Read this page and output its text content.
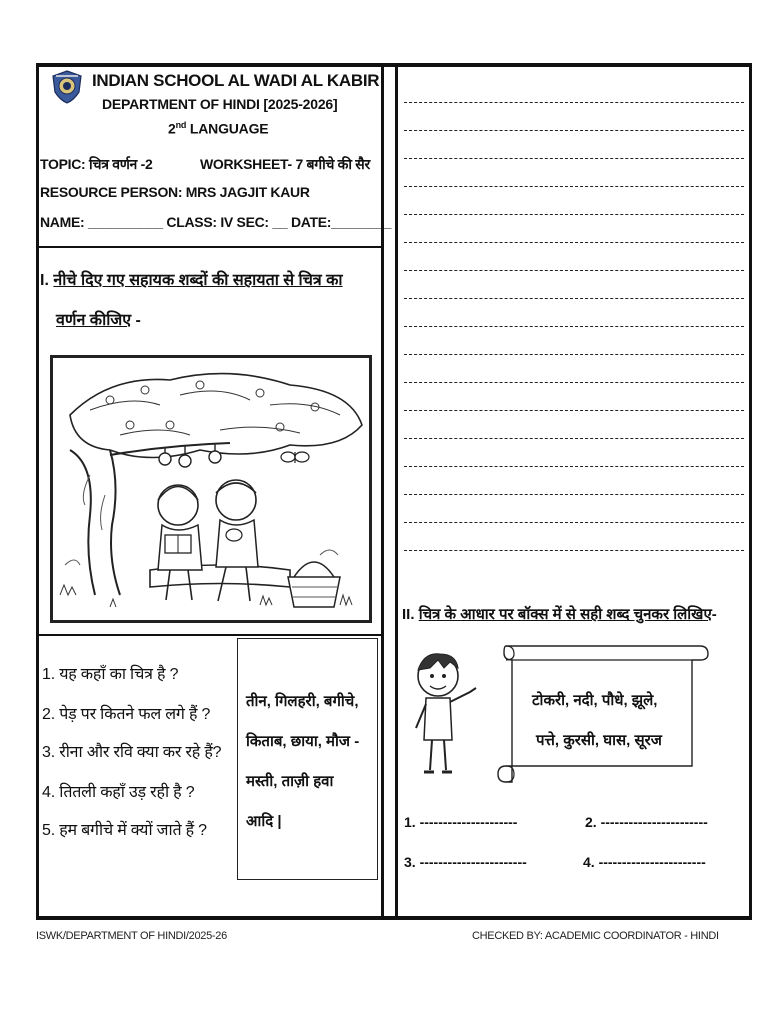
INDIAN SCHOOL AL WADI AL KABIR
DEPARTMENT OF HINDI [2025-2026]
2nd LANGUAGE
TOPIC: चित्र वर्णन -2	WORKSHEET- 7 बगीचे की सैर
RESOURCE PERSON: MRS JAGJIT KAUR
NAME: __________ CLASS: IV SEC: __ DATE:________
I. नीचे दिए गए सहायक शब्दों की सहायता से चित्र का
वर्णन कीजिए -
1. यह कहाँ का चित्र है ?
2. पेड़ पर कितने फल लगे हैं ?
3. रीना और रवि क्या कर रहे हैं?
4. तितली कहाँ उड़ रही है ?
5. हम बगीचे में क्यों जाते हैं ?
तीन, गिलहरी, बगीचे,
किताब, छाया, मौज -
मस्ती, ताज़ी हवा
आदि |
II. चित्र के आधार पर बॉक्स में से सही शब्द चुनकर लिखिए-
टोकरी, नदी, पौधे, झूले,
पत्ते, कुरसी, घास, सूरज
1. ---------------------	2. -----------------------
3. -----------------------	4. -----------------------
ISWK/DEPARTMENT OF HINDI/2025-26	CHECKED BY: ACADEMIC COORDINATOR - HINDI
